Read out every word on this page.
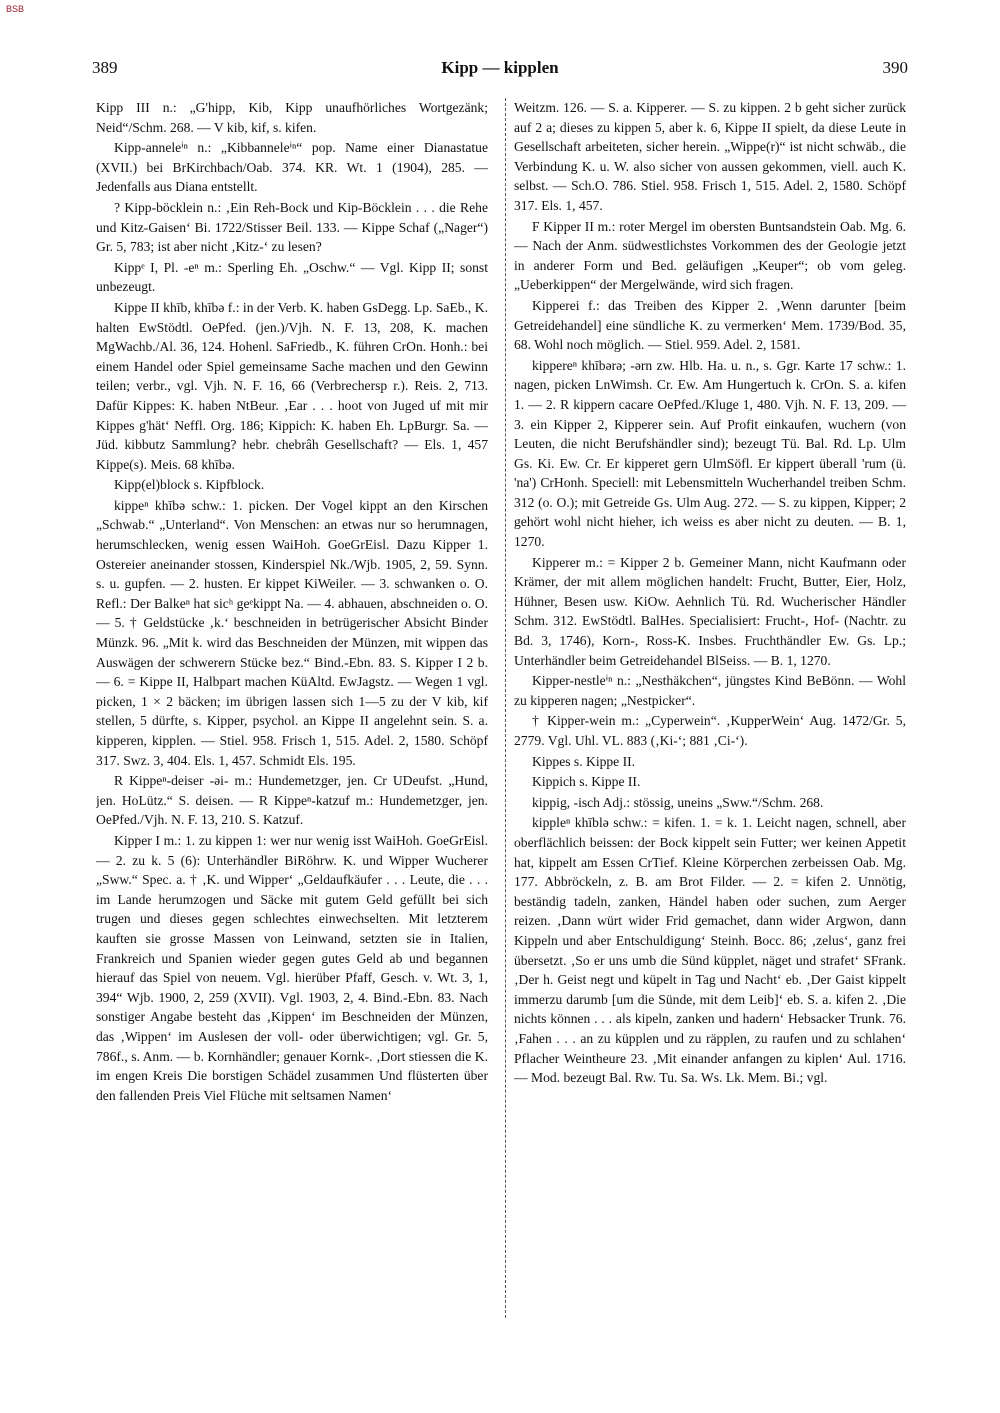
BSB
389	Kipp — kipplen	390

Kipp III n.: „G'hipp, Kib, Kipp unaufhörliches Wortgezänk; Neid“/Schm. 268. — V kib, kif, s. kifen.

Kipp-anneleⁱⁿ n.: „Kibbanneleⁱⁿ“ pop. Name einer Dianastatue (XVII.) bei BrKirchbach/Oab. 374. KR. Wt. 1 (1904), 285. — Jedenfalls aus Diana entstellt.

? Kipp-böcklein n.: ‚Ein Reh-Bock und Kip-Böcklein . . . die Rehe und Kitz-Gaisen‘ Bi. 1722/Stisser Beil. 133. — Kippe Schaf („Nager“) Gr. 5, 783; ist aber nicht ‚Kitz-‘ zu lesen?

Kippᵉ I, Pl. -eⁿ m.: Sperling Eh. „Oschw.“ — Vgl. Kipp II; sonst unbezeugt.

Kippe II khīb, khībə f.: in der Verb. K. haben GsDegg. Lp. SaEb., K. halten EwStödtl. OePfed. (jen.)/Vjh. N. F. 13, 208, K. machen MgWachb./Al. 36, 124. Hohenl. SaFriedb., K. führen CrOn. Honh.: bei einem Handel oder Spiel gemeinsame Sache machen und den Gewinn teilen; verbr., vgl. Vjh. N. F. 16, 66 (Verbrechersp r.). Reis. 2, 713. Dafür Kippes: K. haben NtBeur. ‚Ear . . . hoot von Juged uf mit mir Kippes g'hät‘ Neffl. Org. 186; Kippich: K. haben Eh. LpBurgr. Sa. — Jüd. kibbutz Sammlung? hebr. chebrâh Gesellschaft? — Els. 1, 457 Kippe(s). Meis. 68 khībə.

Kipp(el)block s. Kipfblock.

kippeⁿ khībə schw.: 1. picken. Der Vogel kippt an den Kirschen „Schwab.“ „Unterland“. Von Menschen: an etwas nur so herumnagen, herumschlecken, wenig essen WaiHoh. GoeGrEisl. Dazu Kipper 1. Ostereier aneinander stossen, Kinderspiel Nk./Wjb. 1905, 2, 59. Synn. s. u. gupfen. — 2. husten. Er kippet KiWeiler. — 3. schwanken o. O. Refl.: Der Balkeⁿ hat sicʰ geᵉkippt Na. — 4. abhauen, abschneiden o. O. — 5. † Geldstücke ‚k.‘ beschneiden in betrügerischer Absicht Binder Münzk. 96. „Mit k. wird das Beschneiden der Münzen, mit wippen das Auswägen der schwerern Stücke bez.“ Bind.-Ebn. 83. S. Kipper I 2 b. — 6. = Kippe II, Halbpart machen KüAltd. EwJagstz. — Wegen 1 vgl. picken, 1 × 2 bäcken; im übrigen lassen sich 1—5 zu der V kib, kif stellen, 5 dürfte, s. Kipper, psychol. an Kippe II angelehnt sein. S. a. kipperen, kipplen. — Stiel. 958. Frisch 1, 515. Adel. 2, 1580. Schöpf 317. Swz. 3, 404. Els. 1, 457. Schmidt Els. 195.

R Kippeⁿ-deiser -əi- m.: Hundemetzger, jen. Cr UDeufst. „Hund, jen. HoLütz.“ S. deisen. — R Kippeⁿ-katzuf m.: Hundemetzger, jen. OePfed./Vjh. N. F. 13, 210. S. Katzuf.

Kipper I m.: 1. zu kippen 1: wer nur wenig isst WaiHoh. GoeGrEisl. — 2. zu k. 5 (6): Unterhändler BiRöhrw. K. und Wipper Wucherer „Sww.“ Spec. a. † ‚K. und Wipper‘ „Geldaufkäufer . . . Leute, die . . . im Lande herumzogen und Säcke mit gutem Geld gefüllt bei sich trugen und dieses gegen schlechtes einwechselten. Mit letzterem kauften sie grosse Massen von Leinwand, setzten sie in Italien, Frankreich und Spanien wieder gegen gutes Geld ab und begannen hierauf das Spiel von neuem. Vgl. hierüber Pfaff, Gesch. v. Wt. 3, 1, 394“ Wjb. 1900, 2, 259 (XVII). Vgl. 1903, 2, 4. Bind.-Ebn. 83. Nach sonstiger Angabe besteht das ‚Kippen‘ im Beschneiden der Münzen, das ‚Wippen‘ im Auslesen der voll- oder überwichtigen; vgl. Gr. 5, 786f., s. Anm. — b. Kornhändler; genauer Kornk-. ‚Dort stiessen die K. im engen Kreis Die borstigen Schädel zusammen Und flüsterten über den fallenden Preis Viel Flüche mit seltsamen Namen‘

Weitzm. 126. — S. a. Kipperer. — S. zu kippen. 2 b geht sicher zurück auf 2 a; dieses zu kippen 5, aber k. 6, Kippe II spielt, da diese Leute in Gesellschaft arbeiteten, sicher herein. „Wippe(r)“ ist nicht schwäb., die Verbindung K. u. W. also sicher von aussen gekommen, viell. auch K. selbst. — Sch.O. 786. Stiel. 958. Frisch 1, 515. Adel. 2, 1580. Schöpf 317. Els. 1, 457.

F Kipper II m.: roter Mergel im obersten Buntsandstein Oab. Mg. 6. — Nach der Anm. südwestlichstes Vorkommen des der Geologie jetzt in anderer Form und Bed. geläufigen „Keuper“; ob vom geleg. „Ueberkippen“ der Mergelwände, wird sich fragen.

Kipperei f.: das Treiben des Kipper 2. ‚Wenn darunter [beim Getreidehandel] eine sündliche K. zu vermerken‘ Mem. 1739/Bod. 35, 68. Wohl noch möglich. — Stiel. 959. Adel. 2, 1581.

kippereⁿ khībərə; -ərn zw. Hlb. Ha. u. n., s. Ggr. Karte 17 schw.: 1. nagen, picken LnWimsh. Cr. Ew. Am Hungertuch k. CrOn. S. a. kifen 1. — 2. R kippern cacare OePfed./Kluge 1, 480. Vjh. N. F. 13, 209. — 3. ein Kipper 2, Kipperer sein. Auf Profit einkaufen, wuchern (von Leuten, die nicht Berufshändler sind); bezeugt Tü. Bal. Rd. Lp. Ulm Gs. Ki. Ew. Cr. Er kipperet gern UlmSöfl. Er kippert überall 'rum (ü. 'na') CrHonh. Speciell: mit Lebensmitteln Wucherhandel treiben Schm. 312 (o. O.); mit Getreide Gs. Ulm Aug. 272. — S. zu kippen, Kipper; 2 gehört wohl nicht hieher, ich weiss es aber nicht zu deuten. — B. 1, 1270.

Kipperer m.: = Kipper 2 b. Gemeiner Mann, nicht Kaufmann oder Krämer, der mit allem möglichen handelt: Frucht, Butter, Eier, Holz, Hühner, Besen usw. KiOw. Aehnlich Tü. Rd. Wucherischer Händler Schm. 312. EwStödtl. BalHes. Specialisiert: Frucht-, Hof- (Nachtr. zu Bd. 3, 1746), Korn-, Ross-K. Insbes. Fruchthändler Ew. Gs. Lp.; Unterhändler beim Getreidehandel BlSeiss. — B. 1, 1270.

Kipper-nestleⁱⁿ n.: „Nesthäkchen“, jüngstes Kind BeBönn. — Wohl zu kipperen nagen; „Nestpicker“.

† Kipper-wein m.: „Cyperwein“. ‚KupperWein‘ Aug. 1472/Gr. 5, 2779. Vgl. Uhl. VL. 883 (‚Ki-‘; 881 ‚Ci-‘).

Kippes s. Kippe II.

Kippich s. Kippe II.

kippig, -isch Adj.: stössig, uneins „Sww.“/Schm. 268.

kippleⁿ khīblə schw.: = kifen. 1. = k. 1. Leicht nagen, schnell, aber oberflächlich beissen: der Bock kippelt sein Futter; wer keinen Appetit hat, kippelt am Essen CrTief. Kleine Körperchen zerbeissen Oab. Mg. 177. Abbröckeln, z. B. am Brot Filder. — 2. = kifen 2. Unnötig, beständig tadeln, zanken, Händel haben oder suchen, zum Aerger reizen. ‚Dann würt wider Frid gemachet, dann wider Argwon, dann Kippeln und aber Entschuldigung‘ Steinh. Bocc. 86; ‚zelus‘, ganz frei übersetzt. ‚So er uns umb die Sünd küpplet, näget und strafet‘ SFrank. ‚Der h. Geist negt und küpelt in Tag und Nacht‘ eb. ‚Der Gaist kippelt immerzu darumb [um die Sünde, mit dem Leib]‘ eb. S. a. kifen 2. ‚Die nichts können . . . als kipeln, zanken und hadern‘ Hebsacker Trunk. 76. ‚Fahen . . . an zu küpplen und zu räpplen, zu raufen und zu schlahen‘ Pflacher Weintheure 23. ‚Mit einander anfangen zu kiplen‘ Aul. 1716. — Mod. bezeugt Bal. Rw. Tu. Sa. Ws. Lk. Mem. Bi.; vgl.
